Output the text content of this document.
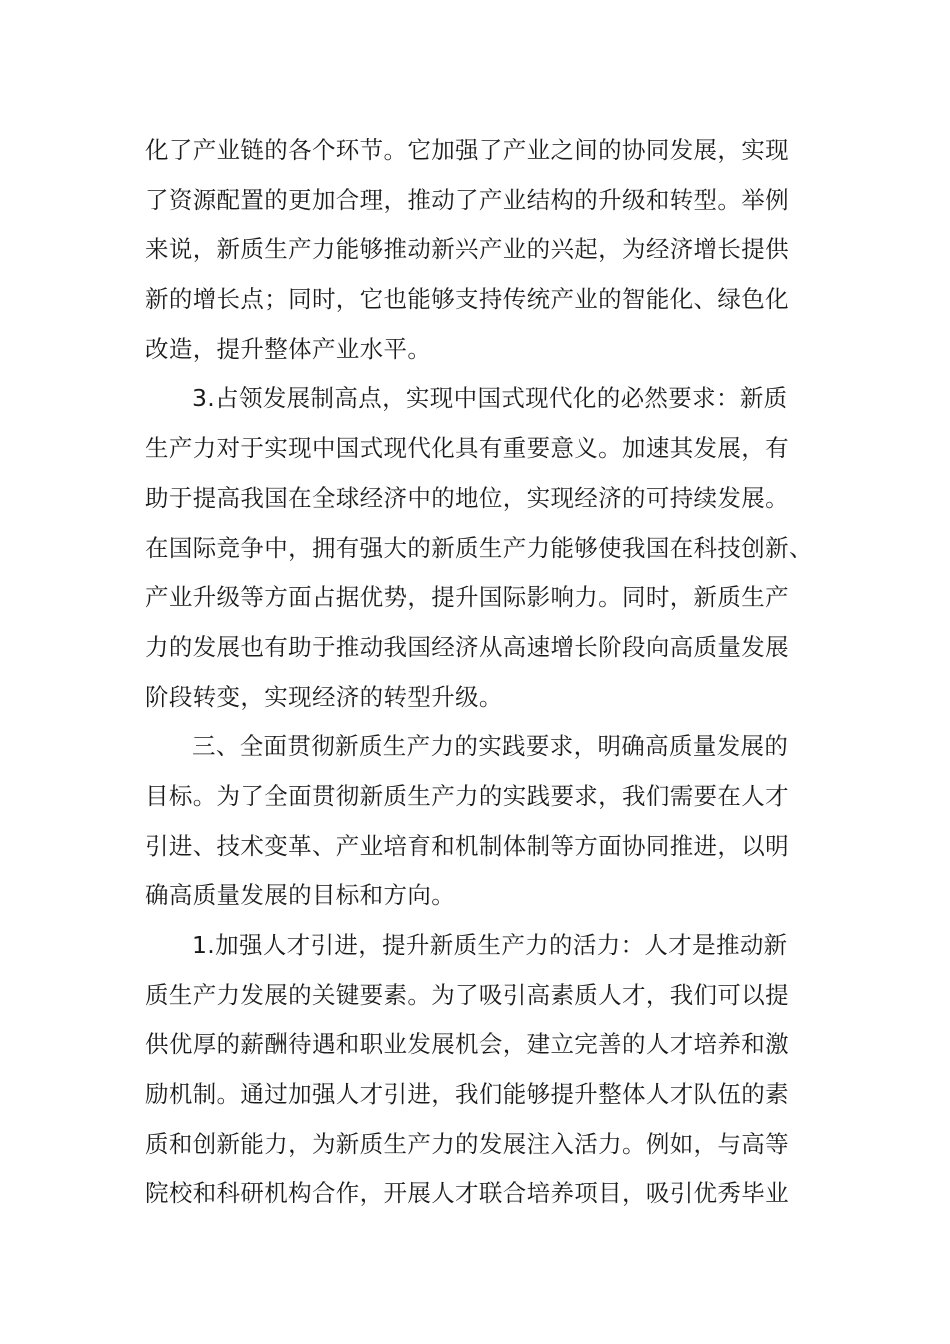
化了产业链的各个环节。它加强了产业之间的协同发展，实现
了资源配置的更加合理，推动了产业结构的升级和转型。举例
来说，新质生产力能够推动新兴产业的兴起，为经济增长提供
新的增长点；同时，它也能够支持传统产业的智能化、绿色化
改造，提升整体产业水平。
3.占领发展制高点，实现中国式现代化的必然要求：新质
生产力对于实现中国式现代化具有重要意义。加速其发展，有
助于提高我国在全球经济中的地位，实现经济的可持续发展。
在国际竞争中，拥有强大的新质生产力能够使我国在科技创新、
产业升级等方面占据优势，提升国际影响力。同时，新质生产
力的发展也有助于推动我国经济从高速增长阶段向高质量发展
阶段转变，实现经济的转型升级。
三、全面贯彻新质生产力的实践要求，明确高质量发展的
目标。为了全面贯彻新质生产力的实践要求，我们需要在人才
引进、技术变革、产业培育和机制体制等方面协同推进，以明
确高质量发展的目标和方向。
1.加强人才引进，提升新质生产力的活力：人才是推动新
质生产力发展的关键要素。为了吸引高素质人才，我们可以提
供优厚的薪酬待遇和职业发展机会，建立完善的人才培养和激
励机制。通过加强人才引进，我们能够提升整体人才队伍的素
质和创新能力，为新质生产力的发展注入活力。例如，与高等
院校和科研机构合作，开展人才联合培养项目，吸引优秀毕业
